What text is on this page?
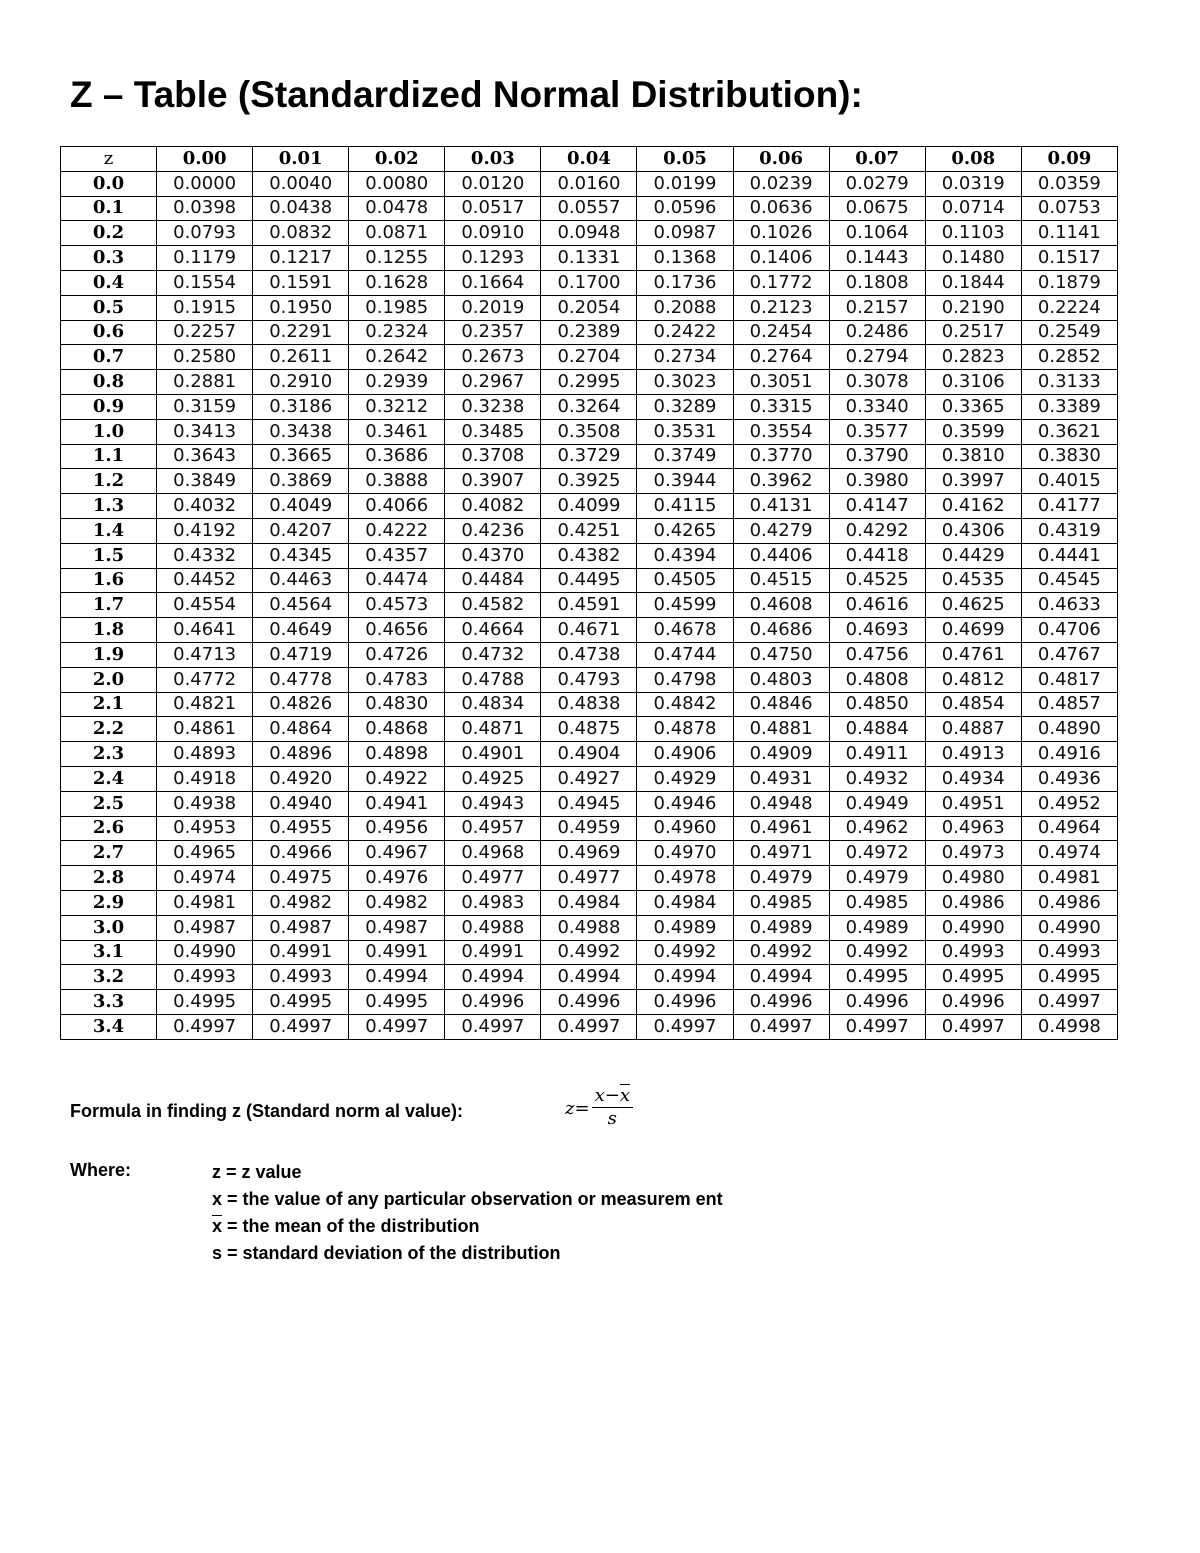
Z – Table (Standardized Normal Distribution):
z	0.00	0.01	0.02	0.03	0.04	0.05	0.06	0.07	0.08	0.09
0.0	0.0000	0.0040	0.0080	0.0120	0.0160	0.0199	0.0239	0.0279	0.0319	0.0359
0.1	0.0398	0.0438	0.0478	0.0517	0.0557	0.0596	0.0636	0.0675	0.0714	0.0753
0.2	0.0793	0.0832	0.0871	0.0910	0.0948	0.0987	0.1026	0.1064	0.1103	0.1141
0.3	0.1179	0.1217	0.1255	0.1293	0.1331	0.1368	0.1406	0.1443	0.1480	0.1517
0.4	0.1554	0.1591	0.1628	0.1664	0.1700	0.1736	0.1772	0.1808	0.1844	0.1879
0.5	0.1915	0.1950	0.1985	0.2019	0.2054	0.2088	0.2123	0.2157	0.2190	0.2224
0.6	0.2257	0.2291	0.2324	0.2357	0.2389	0.2422	0.2454	0.2486	0.2517	0.2549
0.7	0.2580	0.2611	0.2642	0.2673	0.2704	0.2734	0.2764	0.2794	0.2823	0.2852
0.8	0.2881	0.2910	0.2939	0.2967	0.2995	0.3023	0.3051	0.3078	0.3106	0.3133
0.9	0.3159	0.3186	0.3212	0.3238	0.3264	0.3289	0.3315	0.3340	0.3365	0.3389
1.0	0.3413	0.3438	0.3461	0.3485	0.3508	0.3531	0.3554	0.3577	0.3599	0.3621
1.1	0.3643	0.3665	0.3686	0.3708	0.3729	0.3749	0.3770	0.3790	0.3810	0.3830
1.2	0.3849	0.3869	0.3888	0.3907	0.3925	0.3944	0.3962	0.3980	0.3997	0.4015
1.3	0.4032	0.4049	0.4066	0.4082	0.4099	0.4115	0.4131	0.4147	0.4162	0.4177
1.4	0.4192	0.4207	0.4222	0.4236	0.4251	0.4265	0.4279	0.4292	0.4306	0.4319
1.5	0.4332	0.4345	0.4357	0.4370	0.4382	0.4394	0.4406	0.4418	0.4429	0.4441
1.6	0.4452	0.4463	0.4474	0.4484	0.4495	0.4505	0.4515	0.4525	0.4535	0.4545
1.7	0.4554	0.4564	0.4573	0.4582	0.4591	0.4599	0.4608	0.4616	0.4625	0.4633
1.8	0.4641	0.4649	0.4656	0.4664	0.4671	0.4678	0.4686	0.4693	0.4699	0.4706
1.9	0.4713	0.4719	0.4726	0.4732	0.4738	0.4744	0.4750	0.4756	0.4761	0.4767
2.0	0.4772	0.4778	0.4783	0.4788	0.4793	0.4798	0.4803	0.4808	0.4812	0.4817
2.1	0.4821	0.4826	0.4830	0.4834	0.4838	0.4842	0.4846	0.4850	0.4854	0.4857
2.2	0.4861	0.4864	0.4868	0.4871	0.4875	0.4878	0.4881	0.4884	0.4887	0.4890
2.3	0.4893	0.4896	0.4898	0.4901	0.4904	0.4906	0.4909	0.4911	0.4913	0.4916
2.4	0.4918	0.4920	0.4922	0.4925	0.4927	0.4929	0.4931	0.4932	0.4934	0.4936
2.5	0.4938	0.4940	0.4941	0.4943	0.4945	0.4946	0.4948	0.4949	0.4951	0.4952
2.6	0.4953	0.4955	0.4956	0.4957	0.4959	0.4960	0.4961	0.4962	0.4963	0.4964
2.7	0.4965	0.4966	0.4967	0.4968	0.4969	0.4970	0.4971	0.4972	0.4973	0.4974
2.8	0.4974	0.4975	0.4976	0.4977	0.4977	0.4978	0.4979	0.4979	0.4980	0.4981
2.9	0.4981	0.4982	0.4982	0.4983	0.4984	0.4984	0.4985	0.4985	0.4986	0.4986
3.0	0.4987	0.4987	0.4987	0.4988	0.4988	0.4989	0.4989	0.4989	0.4990	0.4990
3.1	0.4990	0.4991	0.4991	0.4991	0.4992	0.4992	0.4992	0.4992	0.4993	0.4993
3.2	0.4993	0.4993	0.4994	0.4994	0.4994	0.4994	0.4994	0.4995	0.4995	0.4995
3.3	0.4995	0.4995	0.4995	0.4996	0.4996	0.4996	0.4996	0.4996	0.4996	0.4997
3.4	0.4997	0.4997	0.4997	0.4997	0.4997	0.4997	0.4997	0.4997	0.4997	0.4998
Formula in finding z (Standard norm al value):	$z= \frac{x-\overline{x}}{s}$
Where:	z = z value
x = the value of any particular observation or measurem ent
$\overline{x}$ = the mean of the distribution
s = standard deviation of the distribution
